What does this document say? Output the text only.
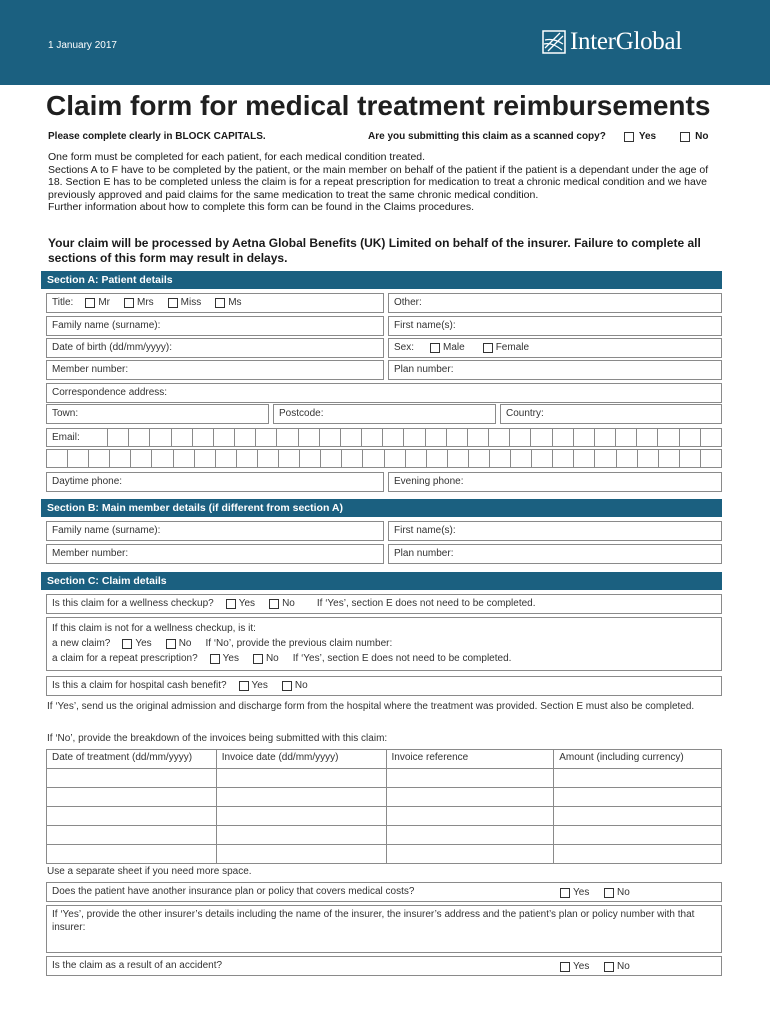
1 January 2017	InterGlobal
Claim form for medical treatment reimbursements
Please complete clearly in BLOCK CAPITALS.	Are you submitting this claim as a scanned copy?	Yes	No

One form must be completed for each patient, for each medical condition treated.

Sections A to F have to be completed by the patient, or the main member on behalf of the patient if the patient is a dependant under the age of 18. Section E has to be completed unless the claim is for a repeat prescription for medication to treat a chronic medical condition and we have previously approved and paid claims for the same medication to treat the same chronic medical condition.

Further information about how to complete this form can be found in the Claims procedures.

Your claim will be processed by Aetna Global Benefits (UK) Limited on behalf of the insurer. Failure to complete all sections of this form may result in delays.
Section A: Patient details
Title:	Mr	Mrs	Miss	Ms	Other:
Family name (surname):	First name(s):
Date of birth (dd/mm/yyyy):	Sex:	Male	Female
Member number:	Plan number:
Correspondence address:
Town:	Postcode:	Country:
Email:
Daytime phone:	Evening phone:
Section B: Main member details (if different from section A)
Family name (surname):	First name(s):
Member number:	Plan number:
Section C: Claim details
Is this claim for a wellness checkup?	Yes	No If ‘Yes’, section E does not need to be completed.
If this claim is not for a wellness checkup, is it:
a new claim?	Yes	No If ‘No’, provide the previous claim number:
a claim for a repeat prescription?	Yes	No If ‘Yes’, section E does not need to be completed.
Is this a claim for hospital cash benefit?	Yes	No
If ‘Yes’, send us the original admission and discharge form from the hospital where the treatment was provided. Section E must also be completed.
If ‘No’, provide the breakdown of the invoices being submitted with this claim:
Date of treatment (dd/mm/yyyy)	Invoice date (dd/mm/yyyy)	Invoice reference	Amount (including currency)

Use a separate sheet if you need more space.
Does the patient have another insurance plan or policy that covers medical costs?	Yes	No
If ‘Yes’, provide the other insurer’s details including the name of the insurer, the insurer’s address and the patient’s plan or policy number with that insurer:
Is the claim as a result of an accident?	Yes	No
